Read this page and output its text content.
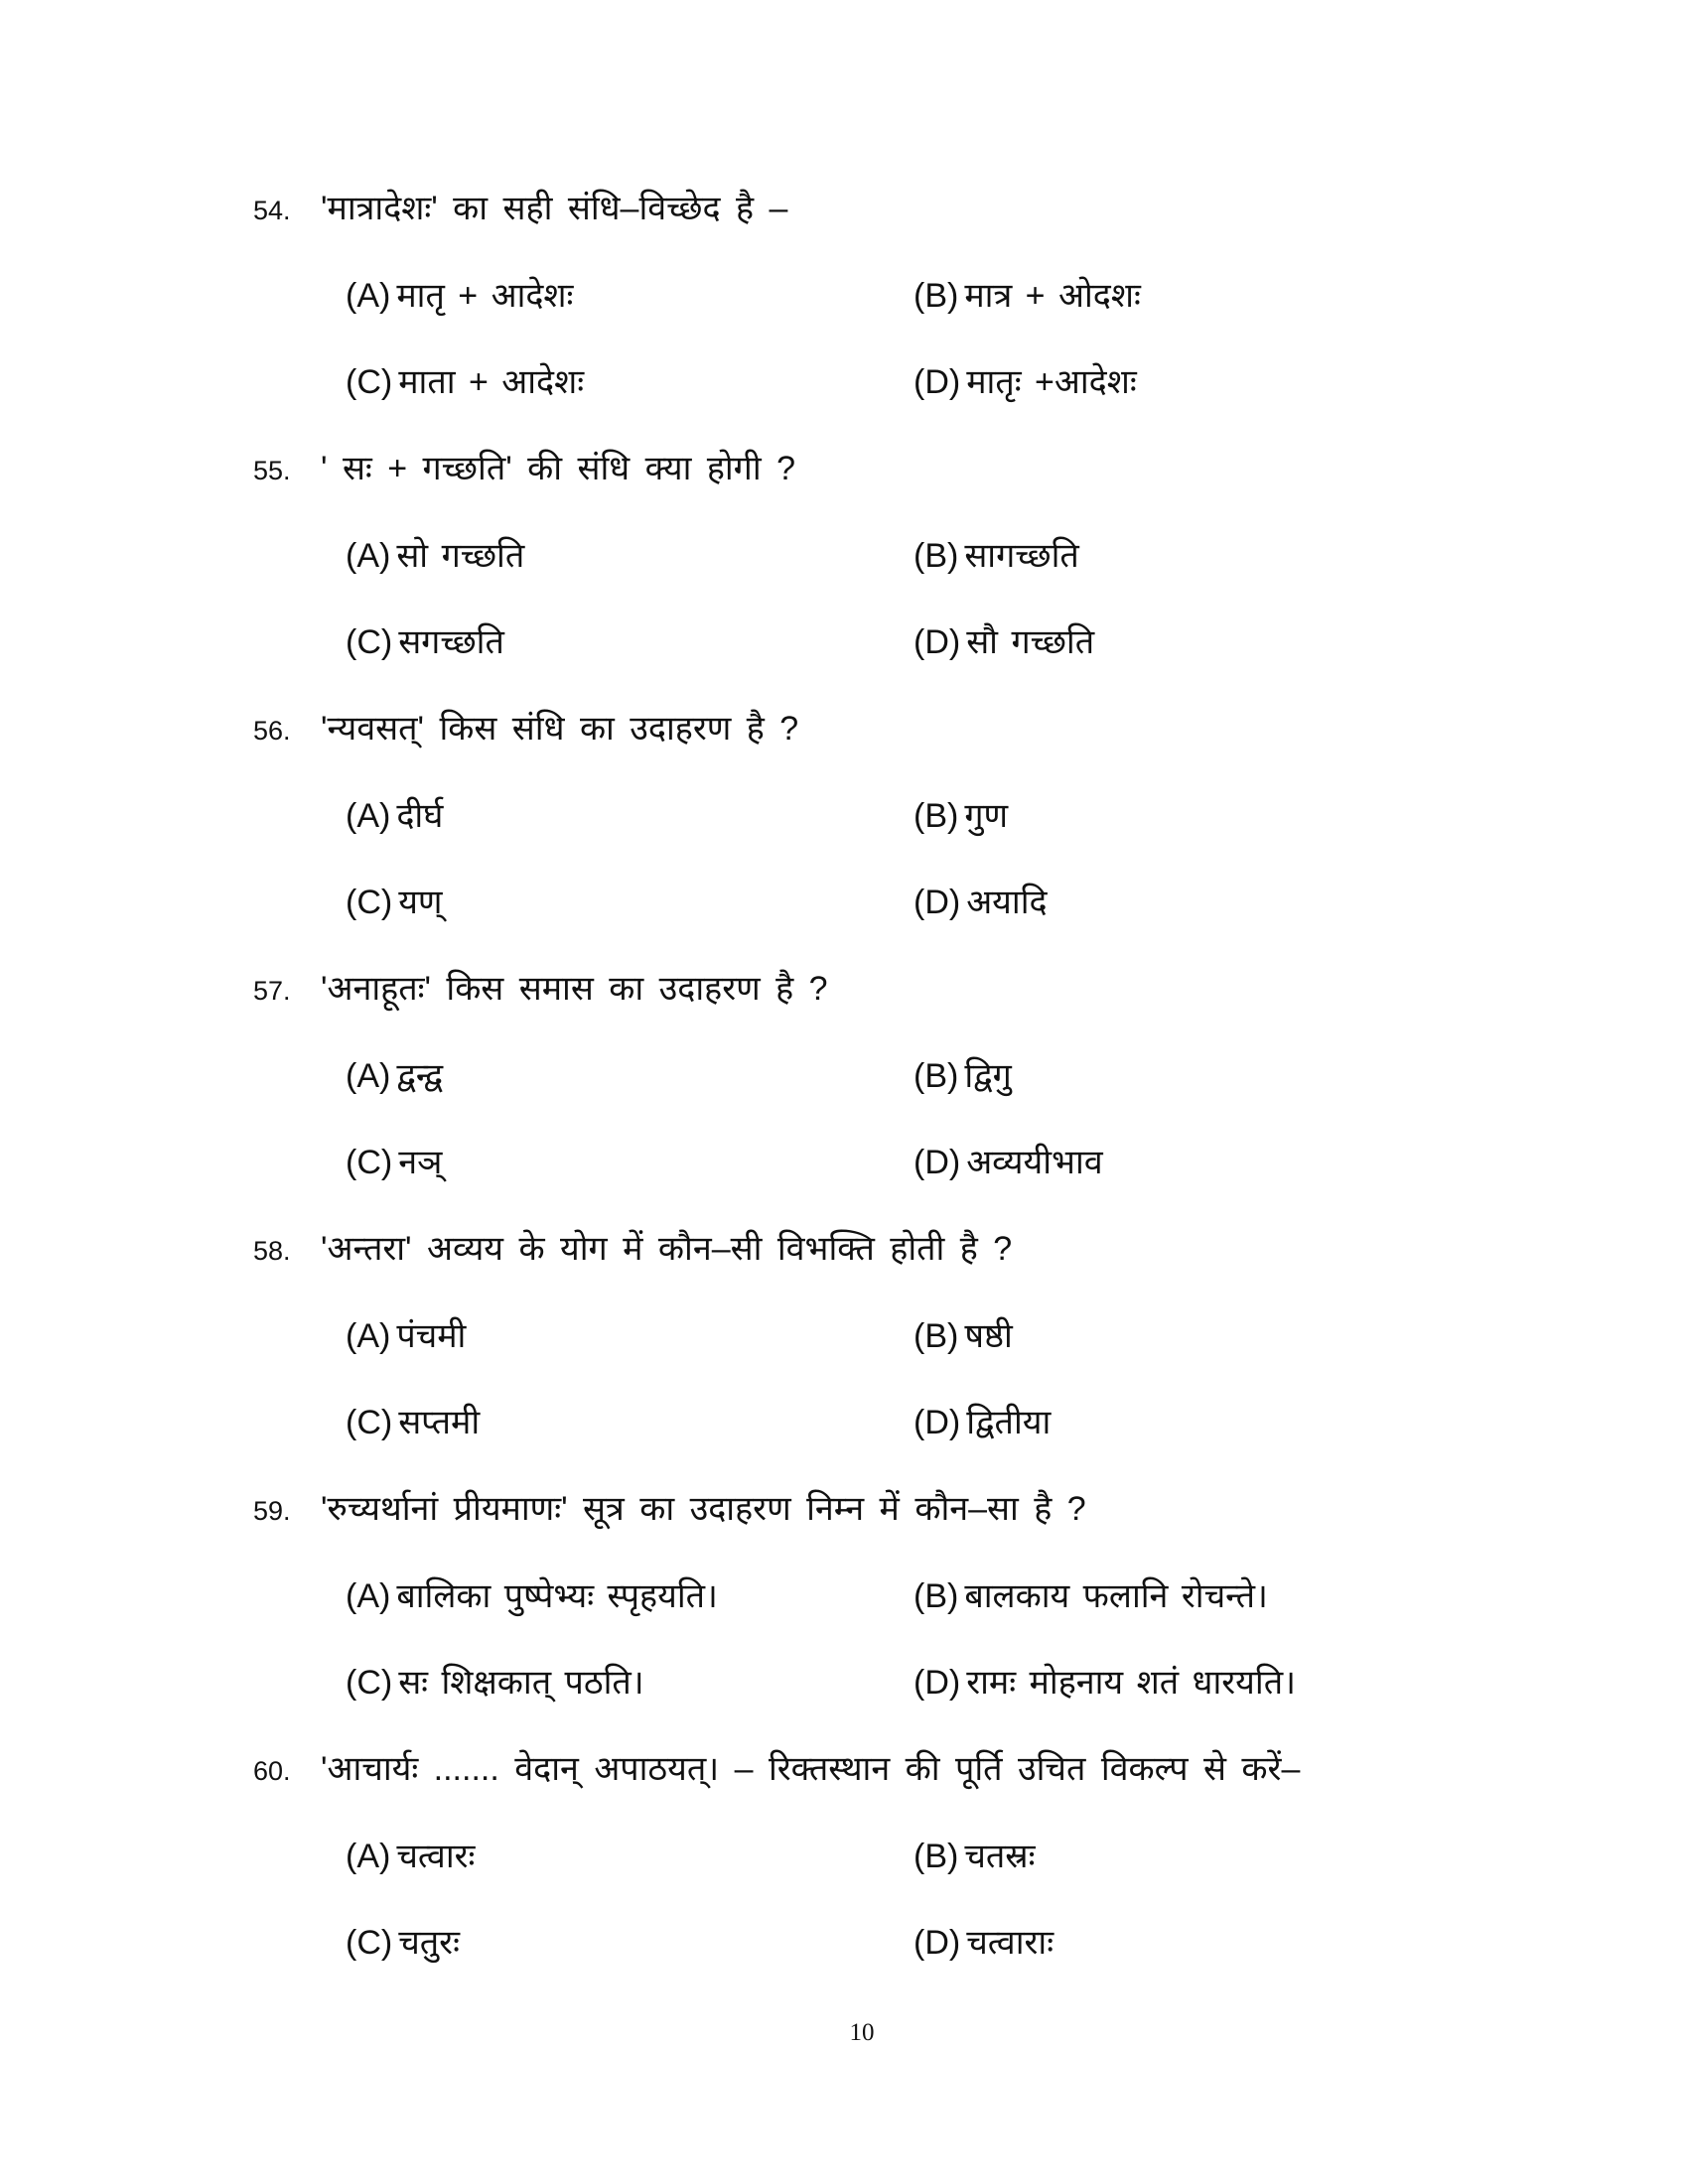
54. 'मात्रादेशः' का सही संधि–विच्छेद है –
(A) मातृ + आदेशः	(B) मात्र + ओदशः
(C) माता + आदेशः	(D) मातृः +आदेशः
55. ' सः + गच्छति' की संधि क्या होगी ?
(A) सो गच्छति	(B) सागच्छति
(C) सगच्छति	(D) सौ गच्छति
56. 'न्यवसत्' किस संधि का उदाहरण है ?
(A) दीर्घ	(B) गुण
(C) यण्	(D) अयादि
57. 'अनाहूतः' किस समास का उदाहरण है ?
(A) द्वन्द्व	(B) द्विगु
(C) नञ्	(D) अव्ययीभाव
58. 'अन्तरा' अव्यय के योग में कौन–सी विभक्ति होती है ?
(A) पंचमी	(B) षष्ठी
(C) सप्तमी	(D) द्वितीया
59. 'रुच्यर्थानां प्रीयमाणः' सूत्र का उदाहरण निम्न में कौन–सा है ?
(A) बालिका पुष्पेभ्यः स्पृहयति।	(B) बालकाय फलानि रोचन्ते।
(C) सः शिक्षकात् पठति।	(D) रामः मोहनाय शतं धारयति।
60. 'आचार्यः ....... वेदान् अपाठयत्। – रिक्तस्थान की पूर्ति उचित विकल्प से करें–
(A) चत्वारः	(B) चतस्रः
(C) चतुरः	(D) चत्वाराः
10
